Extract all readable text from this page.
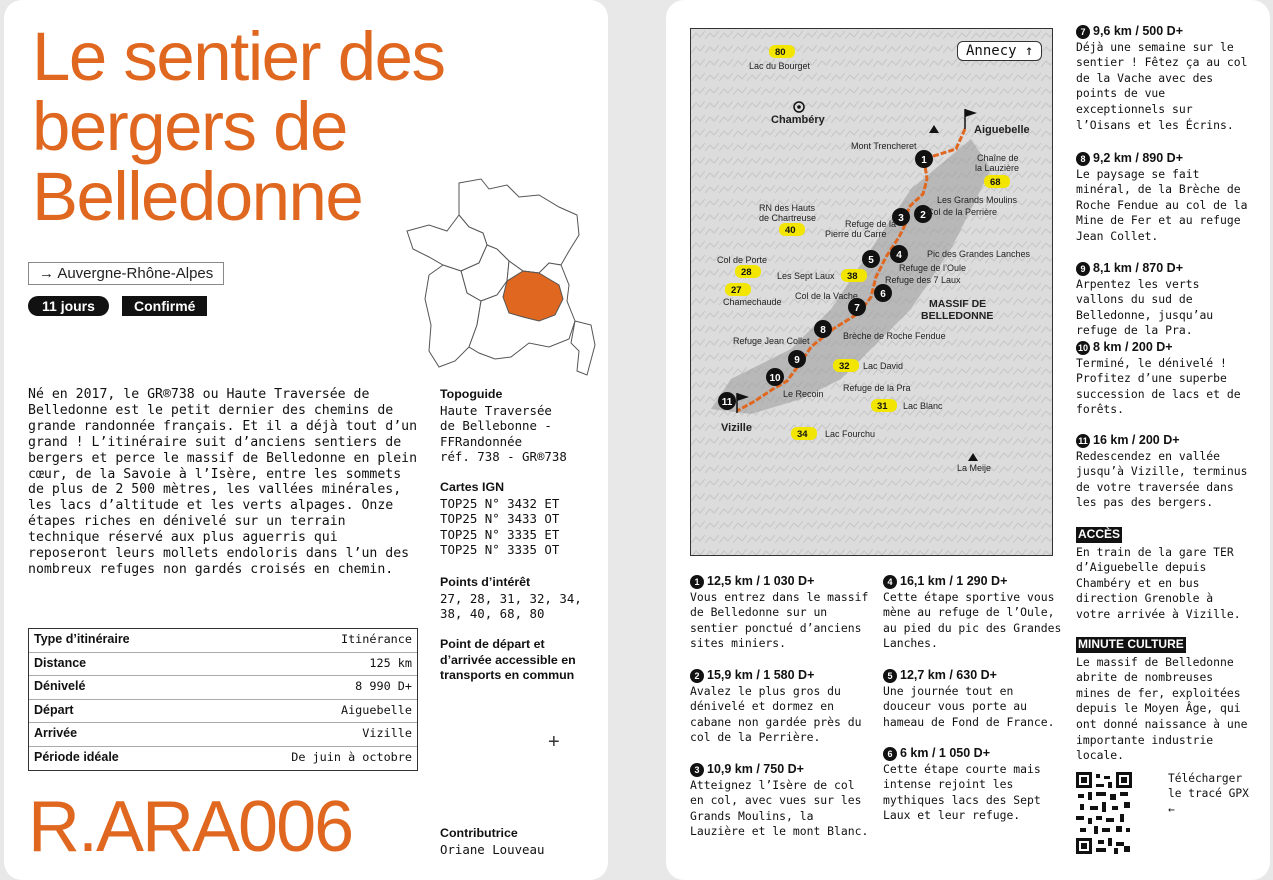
Le sentier des bergers de Belledonne
→ Auvergne-Rhône-Alpes
11 jours	Confirmé

Né en 2017, le GR®738 ou Haute Traversée de Belledonne est le petit dernier des chemins de grande randonnée français. Et il a déjà tout d’un grand ! L’itinéraire suit d’anciens sentiers de bergers et perce le massif de Belledonne en plein cœur, de la Savoie à l’Isère, entre les sommets de plus de 2 500 mètres, les vallées minérales, les lacs d’altitude et les verts alpages. Onze étapes riches en dénivelé sur un terrain technique réservé aux plus aguerris qui reposeront leurs mollets endoloris dans l’un des nombreux refuges non gardés croisés en chemin.

Topoguide
Haute Traversée
de Bellebonne -
FFRandonnée
réf. 738 - GR®738
Cartes IGN
TOP25 N° 3432 ET
TOP25 N° 3433 OT
TOP25 N° 3335 ET
TOP25 N° 3335 OT
Points d’intérêt
27, 28, 31, 32, 34,
38, 40, 68, 80
Point de départ et d’arrivée accessible en transports en commun
+
Type d’itinéraire	Itinérance
Distance	125 km
Dénivelé	8 990 D+
Départ	Aiguebelle
Arrivée	Vizille
Période idéale	De juin à octobre
R.ARA006	Contributrice
Oriane Louveau
1
2
3
4
5
6
7
8
9
10
11
80
68
40
28
27
38
32
31
34
Lac du Bourget
Chambéry
Aiguebelle
Mont Trencheret
Chaîne de
la Lauzière
Les Grands Moulins
Col de la Perrière
RN des Hauts
de Chartreuse
Refuge de la
Pierre du Carre
Pic des Grandes Lanches
Refuge de l’Oule
Refuge des 7 Laux
Col de Porte
Les Sept Laux
Chamechaude
Col de la Vache
MASSIF DE
BELLEDONNE
Brèche de Roche Fendue
Refuge Jean Collet
Lac David
Refuge de la Pra
Le Recoin
Lac Blanc
Vizille	Lac Fourchu
La Meije
Annecy ↑
1 12,5 km / 1 030 D+
Vous entrez dans le massif de Belledonne sur un sentier ponctué d’anciens sites miniers.
2 15,9 km / 1 580 D+
Avalez le plus gros du dénivelé et dormez en cabane non gardée près du col de la Perrière.
3 10,9 km / 750 D+
Atteignez l’Isère de col en col, avec vues sur les Grands Moulins, la Lauzière et le mont Blanc.
4 16,1 km / 1 290 D+
Cette étape sportive vous mène au refuge de l’Oule, au pied du pic des Grandes Lanches.
5 12,7 km / 630 D+
Une journée tout en douceur vous porte au hameau de Fond de France.
6 6 km / 1 050 D+
Cette étape courte mais intense rejoint les mythiques lacs des Sept Laux et leur refuge.
7 9,6 km / 500 D+
Déjà une semaine sur le sentier ! Fêtez ça au col de la Vache avec des points de vue exceptionnels sur l’Oisans et les Écrins.
8 9,2 km / 890 D+
Le paysage se fait minéral, de la Brèche de Roche Fendue au col de la Mine de Fer et au refuge Jean Collet.
9 8,1 km / 870 D+
Arpentez les verts vallons du sud de Belledonne, jusqu’au refuge de la Pra.
10 8 km / 200 D+
Terminé, le dénivelé ! Profitez d’une superbe succession de lacs et de forêts.
11 16 km / 200 D+
Redescendez en vallée jusqu’à Vizille, terminus de votre traversée dans les pas des bergers.
ACCÈS
En train de la gare TER d’Aiguebelle depuis Chambéry et en bus direction Grenoble à votre arrivée à Vizille.
MINUTE CULTURE
Le massif de Belledonne abrite de nombreuses mines de fer, exploitées depuis le Moyen Âge, qui ont donné naissance à une importante industrie locale.
Télécharger
le tracé GPX
←
